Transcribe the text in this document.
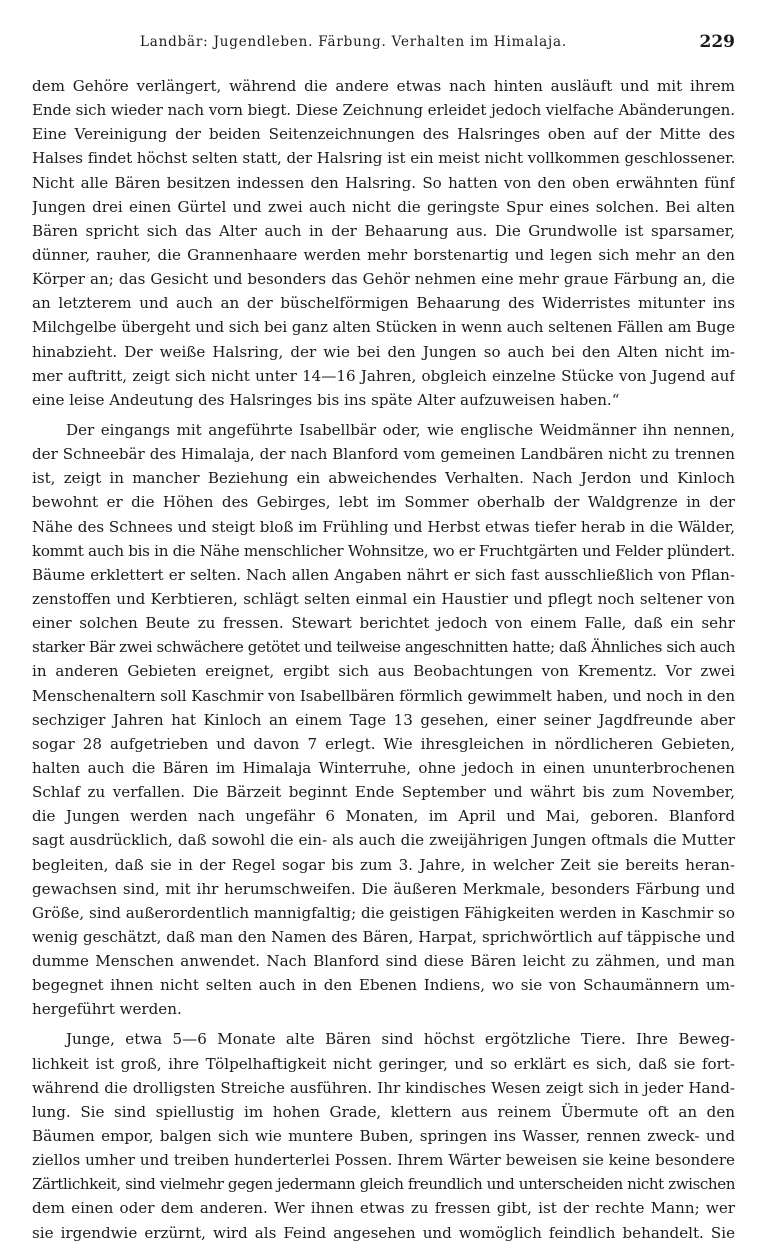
Landbär: Jugendleben. Färbung. Verhalten im Himalaja.	229
dem Gehöre verlängert, während die andere etwas nach hinten ausläuft und mit ihrem
Ende sich wieder nach vorn biegt. Diese Zeichnung erleidet jedoch vielfache Abänderungen.
Eine Vereinigung der beiden Seitenzeichnungen des Halsringes oben auf der Mitte des
Halses findet höchst selten statt, der Halsring ist ein meist nicht vollkommen geschlossener.
Nicht alle Bären besitzen indessen den Halsring. So hatten von den oben erwähnten fünf
Jungen drei einen Gürtel und zwei auch nicht die geringste Spur eines solchen. Bei alten
Bären spricht sich das Alter auch in der Behaarung aus. Die Grundwolle ist sparsamer,
dünner, rauher, die Grannenhaare werden mehr borstenartig und legen sich mehr an den
Körper an; das Gesicht und besonders das Gehör nehmen eine mehr graue Färbung an, die
an letzterem und auch an der büschelförmigen Behaarung des Widerristes mitunter ins
Milchgelbe übergeht und sich bei ganz alten Stücken in wenn auch seltenen Fällen am Buge
hinabzieht. Der weiße Halsring, der wie bei den Jungen so auch bei den Alten nicht im-
mer auftritt, zeigt sich nicht unter 14—16 Jahren, obgleich einzelne Stücke von Jugend auf
eine leise Andeutung des Halsringes bis ins späte Alter aufzuweisen haben.“
Der eingangs mit angeführte Isabellbär oder, wie englische Weidmänner ihn nennen,
der Schneebär des Himalaja, der nach Blanford vom gemeinen Landbären nicht zu trennen
ist, zeigt in mancher Beziehung ein abweichendes Verhalten. Nach Jerdon und Kinloch
bewohnt er die Höhen des Gebirges, lebt im Sommer oberhalb der Waldgrenze in der
Nähe des Schnees und steigt bloß im Frühling und Herbst etwas tiefer herab in die Wälder,
kommt auch bis in die Nähe menschlicher Wohnsitze, wo er Fruchtgärten und Felder plündert.
Bäume erklettert er selten. Nach allen Angaben nährt er sich fast ausschließlich von Pflan-
zenstoffen und Kerbtieren, schlägt selten einmal ein Haustier und pflegt noch seltener von
einer solchen Beute zu fressen. Stewart berichtet jedoch von einem Falle, daß ein sehr
starker Bär zwei schwächere getötet und teilweise angeschnitten hatte; daß Ähnliches sich auch
in anderen Gebieten ereignet, ergibt sich aus Beobachtungen von Krementz. Vor zwei
Menschenaltern soll Kaschmir von Isabellbären förmlich gewimmelt haben, und noch in den
sechziger Jahren hat Kinloch an einem Tage 13 gesehen, einer seiner Jagdfreunde aber
sogar 28 aufgetrieben und davon 7 erlegt. Wie ihresgleichen in nördlicheren Gebieten,
halten auch die Bären im Himalaja Winterruhe, ohne jedoch in einen ununterbrochenen
Schlaf zu verfallen. Die Bärzeit beginnt Ende September und währt bis zum November,
die Jungen werden nach ungefähr 6 Monaten, im April und Mai, geboren. Blanford
sagt ausdrücklich, daß sowohl die ein- als auch die zweijährigen Jungen oftmals die Mutter
begleiten, daß sie in der Regel sogar bis zum 3. Jahre, in welcher Zeit sie bereits heran-
gewachsen sind, mit ihr herumschweifen. Die äußeren Merkmale, besonders Färbung und
Größe, sind außerordentlich mannigfaltig; die geistigen Fähigkeiten werden in Kaschmir so
wenig geschätzt, daß man den Namen des Bären, Harpat, sprichwörtlich auf täppische und
dumme Menschen anwendet. Nach Blanford sind diese Bären leicht zu zähmen, und man
begegnet ihnen nicht selten auch in den Ebenen Indiens, wo sie von Schaumännern um-
hergeführt werden.
Junge, etwa 5—6 Monate alte Bären sind höchst ergötzliche Tiere. Ihre Beweg-
lichkeit ist groß, ihre Tölpelhaftigkeit nicht geringer, und so erklärt es sich, daß sie fort-
während die drolligsten Streiche ausführen. Ihr kindisches Wesen zeigt sich in jeder Hand-
lung. Sie sind spiellustig im hohen Grade, klettern aus reinem Übermute oft an den
Bäumen empor, balgen sich wie muntere Buben, springen ins Wasser, rennen zweck- und
ziellos umher und treiben hunderterlei Possen. Ihrem Wärter beweisen sie keine besondere
Zärtlichkeit, sind vielmehr gegen jedermann gleich freundlich und unterscheiden nicht zwischen
dem einen oder dem anderen. Wer ihnen etwas zu fressen gibt, ist der rechte Mann; wer
sie irgendwie erzürnt, wird als Feind angesehen und womöglich feindlich behandelt. Sie
